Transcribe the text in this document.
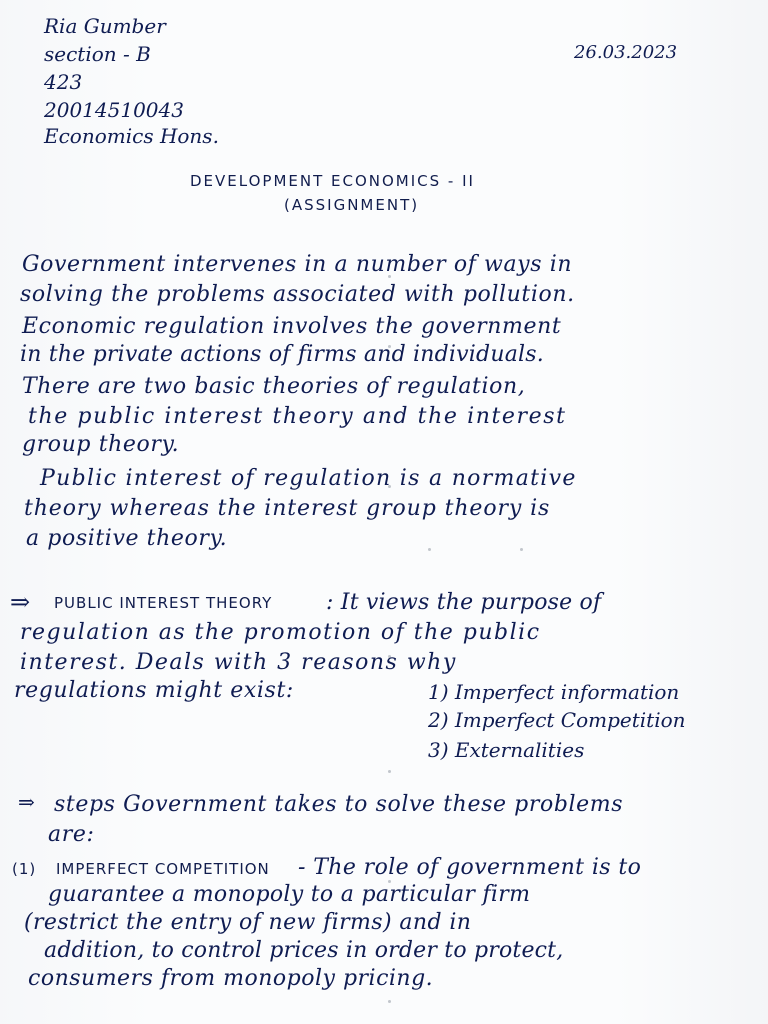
Ria Gumber
section - B
423
20014510043
Economics Hons.
26.03.2023
DEVELOPMENT ECONOMICS - II
(ASSIGNMENT)
Government intervenes in a number of ways in
solving the problems associated with pollution.
Economic regulation involves the government
in the private actions of firms and individuals.
There are two basic theories of regulation,
the public interest theory and the interest
group theory.
Public interest of regulation is a normative
theory whereas the interest group theory is
a positive theory.
⇒ PUBLIC INTEREST THEORY : It views the purpose of
regulation as the promotion of the public
interest. Deals with 3 reasons why
regulations might exist:	1) Imperfect information
2) Imperfect Competition
3) Externalities
⇒ steps Government takes to solve these problems
are:
(1) IMPERFECT COMPETITION - The role of government is to
guarantee a monopoly to a particular firm
(restrict the entry of new firms) and in
addition, to control prices in order to protect,
consumers from monopoly pricing.
